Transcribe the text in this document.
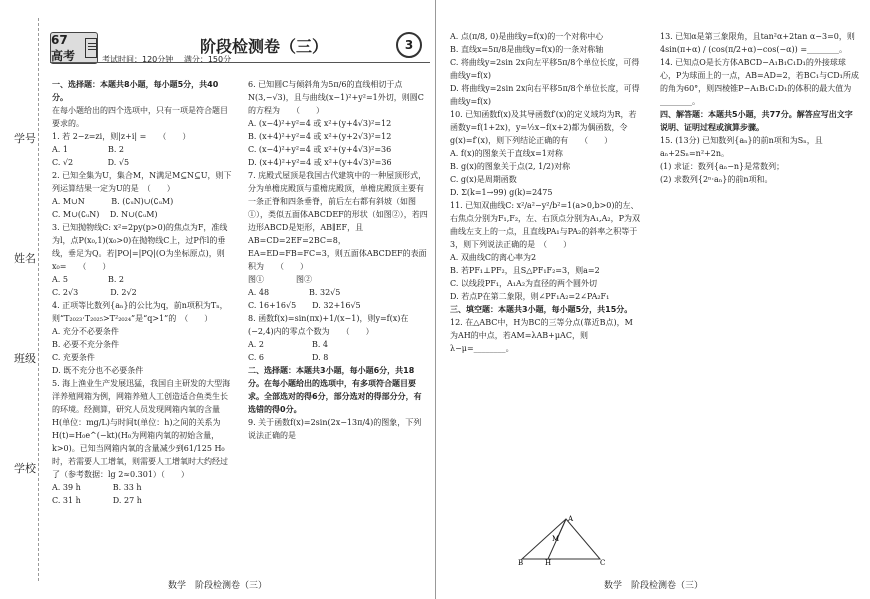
学号
姓名
班级
学校
67 高考	阶段检测卷（三）	3
考试时间：120分钟　 满分：150分

一、选择题：本题共8小题，每小题5分，共40分。

在每小题给出的四个选项中，只有一项是符合题目要求的。

1. 若 2−z=zi，则|z+i| =　　（　　）

A. 1　　　　　B. 2

C. √2　　　　 D. √5

2. 已知全集为U，集合M，N满足M⊆N⊆U，则下列运算结果一定为U的是　（　　）

A. M∪N　　　 B. (∁ᵤN)∪(∁ᵤM)

C. M∪(∁ᵤN)　 D. N∪(∁ᵤM)

3. 已知抛物线C: x²=2py(p>0)的焦点为F，准线为l，点P(x₀,1)(x₀>0)在抛物线C上，过P作l的垂线，垂足为Q。若|PO|=|PQ|(O为坐标原点)，则x₀=　　（　　）

A. 5　　　　　B. 2

C. 2√3　　　　D. 2√2

4. 正项等比数列{aₙ}的公比为q，前n项积为Tₙ，则“T₂₀₂₃·T₂₀₂₅>T²₂₀₂₄”是“q>1”的　（　　）

A. 充分不必要条件

B. 必要不充分条件

C. 充要条件

D. 既不充分也不必要条件

5. 海上渔业生产发展迅猛，我国自主研发的大型海洋养殖网箱为例，网箱养殖人工创造适合鱼类生长的环境。经测算，研究人员发现网箱内氧的含量H(单位：mg/L)与时间t(单位：h)之间的关系为H(t)=H₀e^(−kt)(H₀为网箱内氧的初始含量，k>0)。已知当网箱内氧的含量减少到61/125 H₀时，若需要人工增氧，则需要人工增氧时大约经过了（参考数据：lg 2≈0.301）（　　）

A. 39 h　　　　B. 33 h

C. 31 h　　　　D. 27 h

6. 已知圆C与倾斜角为5π/6的直线相切于点N(3,−√3)，且与曲线(x−1)²+y²=1外切，则圆C的方程为　　（　　）

A. (x−4)²+y²=4 或 x²+(y+4√3)²=12

B. (x+4)²+y²=4 或 x²+(y+2√3)²=12

C. (x−4)²+y²=4 或 x²+(y+4√3)²=36

D. (x+4)²+y²=4 或 x²+(y+4√3)²=36

7. 庑殿式屋顶是我国古代建筑中的一种屋顶形式，分为单檐庑殿顶与重檐庑殿顶，单檐庑殿顶主要有一条正脊和四条垂脊，前后左右都有斜坡（如图①），类似五面体ABCDEF的形状（如图②），若四边形ABCD是矩形，AB∥EF，且AB=CD=2EF=2BC=8，EA=ED=FB=FC=3，则五面体ABCDEF的表面积为　　（　　）

图①　　　　图②

A. 48　　　　　B. 32√5

C. 16+16√5　　D. 32+16√5

8. 函数f(x)=sin(πx)+1/(x−1)，则y=f(x)在(−2,4)内的零点个数为　　（　　）

A. 2　　　　　　B. 4

C. 6　　　　　　D. 8

二、选择题：本题共3小题，每小题6分，共18分。在每小题给出的选项中，有多项符合题目要求。全部选对的得6分，部分选对的得部分分，有选错的得0分。

9. 关于函数f(x)=2sin(2x−13π/4)的图象，下列说法正确的是

数学　阶段检测卷（三）

A. 点(π/8, 0)是曲线y=f(x)的一个对称中心

B. 直线x=5π/8是曲线y=f(x)的一条对称轴

C. 将曲线y=2sin 2x向左平移5π/8个单位长度，可得曲线y=f(x)

D. 将曲线y=2sin 2x向右平移5π/8个单位长度，可得曲线y=f(x)

10. 已知函数f(x)及其导函数f′(x)的定义域均为R，若函数y=f(1+2x)，y=½x−f(x+2)都为偶函数，令g(x)=f′(x)，则下列结论正确的有　　（　　）

A. f(x)的图象关于直线x=1对称

B. g(x)的图象关于点(2, 1/2)对称

C. g(x)是周期函数

D. Σ(k=1→99) g(k)=2475

11. 已知双曲线C: x²/a²−y²/b²=1(a>0,b>0)的左、右焦点分别为F₁,F₂，左、右顶点分别为A₁,A₂，P为双曲线左支上的一点，且直线PA₁与PA₂的斜率之积等于3，则下列说法正确的是　（　　）

A. 双曲线C的离心率为2

B. 若PF₁⊥PF₂，且S△PF₁F₂=3，则a=2

C. 以线段PF₁，A₁A₂为直径的两个圆外切

D. 若点P在第二象限，则∠PF₁A₂=2∠PA₂F₁

三、填空题：本题共3小题，每小题5分，共15分。

12. 在△ABC中，H为BC的三等分点(靠近B点)，M为AH的中点，若AM=λAB+μAC，则λ−μ=________。

13. 已知α是第三象限角，且tan²α+2tan α−3=0，则4sin(π+α) / (cos(π/2+α)−cos(−α)) =________。

14. 已知点O是长方体ABCD−A₁B₁C₁D₁的外接球球心，P为球面上的一点，AB=AD=2，若BC₁与CD₁所成的角为60°，则四棱锥P−A₁B₁C₁D₁的体积的最大值为________。

四、解答题：本题共5小题，共77分。解答应写出文字说明、证明过程或演算步骤。

15. (13分) 已知数列{aₙ}的前n项和为Sₙ，且aₙ+2Sₙ=n²+2n。

(1) 求证：数列{aₙ−n}是常数列；

(2) 求数列{2ⁿ·aₙ}的前n项和。

A
M
B	H	C
数学　阶段检测卷（三）
